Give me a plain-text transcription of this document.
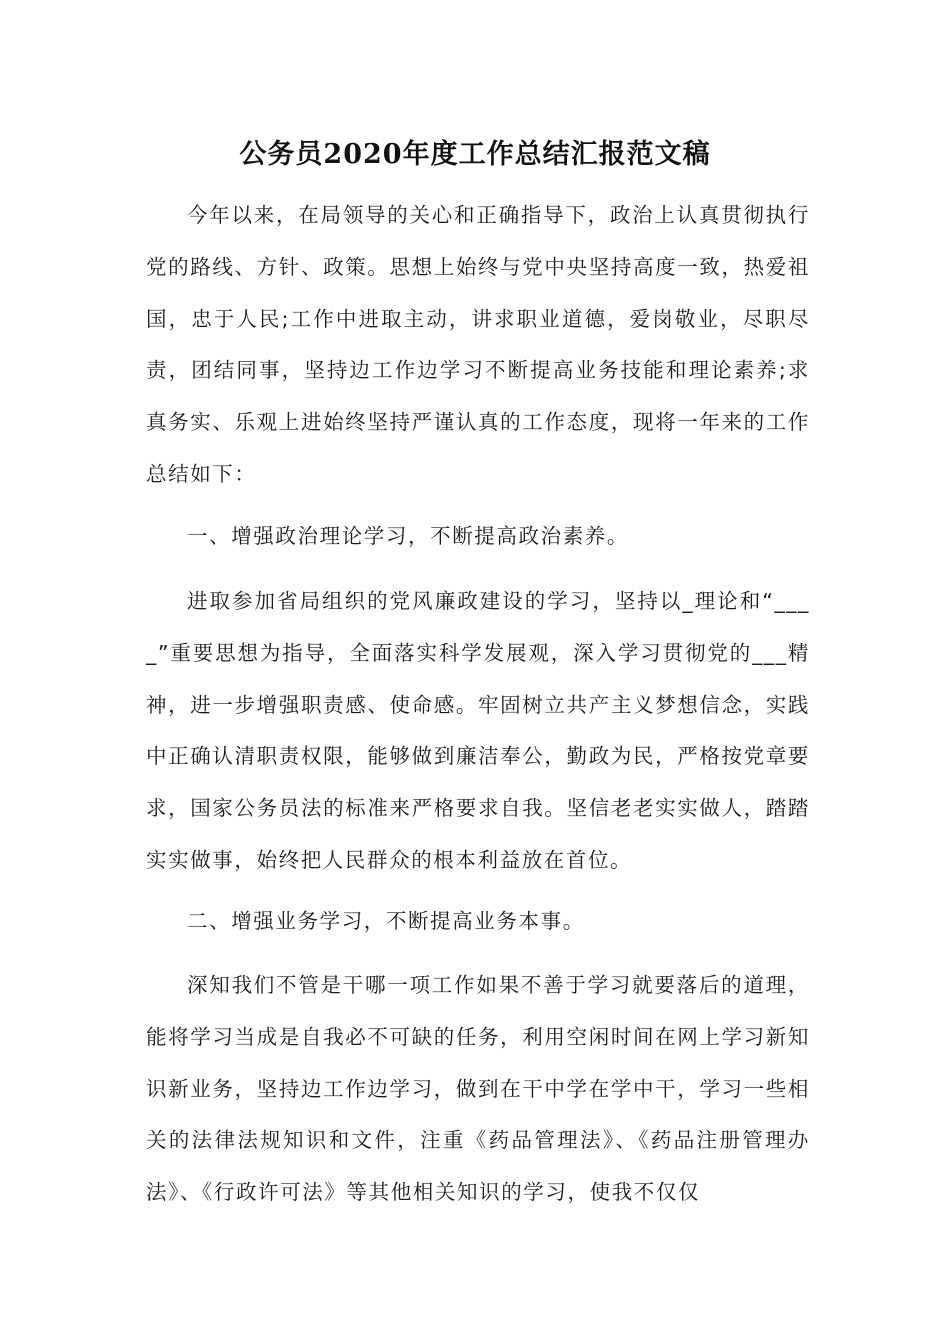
公务员2020年度工作总结汇报范文稿

今年以来，在局领导的关心和正确指导下，政治上认真贯彻执行党的路线、方针、政策。思想上始终与党中央坚持高度一致，热爱祖国，忠于人民;工作中进取主动，讲求职业道德，爱岗敬业，尽职尽责，团结同事，坚持边工作边学习不断提高业务技能和理论素养;求真务实、乐观上进始终坚持严谨认真的工作态度，现将一年来的工作总结如下：

一、增强政治理论学习，不断提高政治素养。

进取参加省局组织的党风廉政建设的学习，坚持以_理论和“____”重要思想为指导，全面落实科学发展观，深入学习贯彻党的___精神，进一步增强职责感、使命感。牢固树立共产主义梦想信念，实践中正确认清职责权限，能够做到廉洁奉公，勤政为民，严格按党章要求，国家公务员法的标准来严格要求自我。坚信老老实实做人，踏踏实实做事，始终把人民群众的根本利益放在首位。

二、增强业务学习，不断提高业务本事。

深知我们不管是干哪一项工作如果不善于学习就要落后的道理，能将学习当成是自我必不可缺的任务，利用空闲时间在网上学习新知识新业务，坚持边工作边学习，做到在干中学在学中干，学习一些相关的法律法规知识和文件，注重《药品管理法》、《药品注册管理办法》、《行政许可法》等其他相关知识的学习，使我不仅仅
